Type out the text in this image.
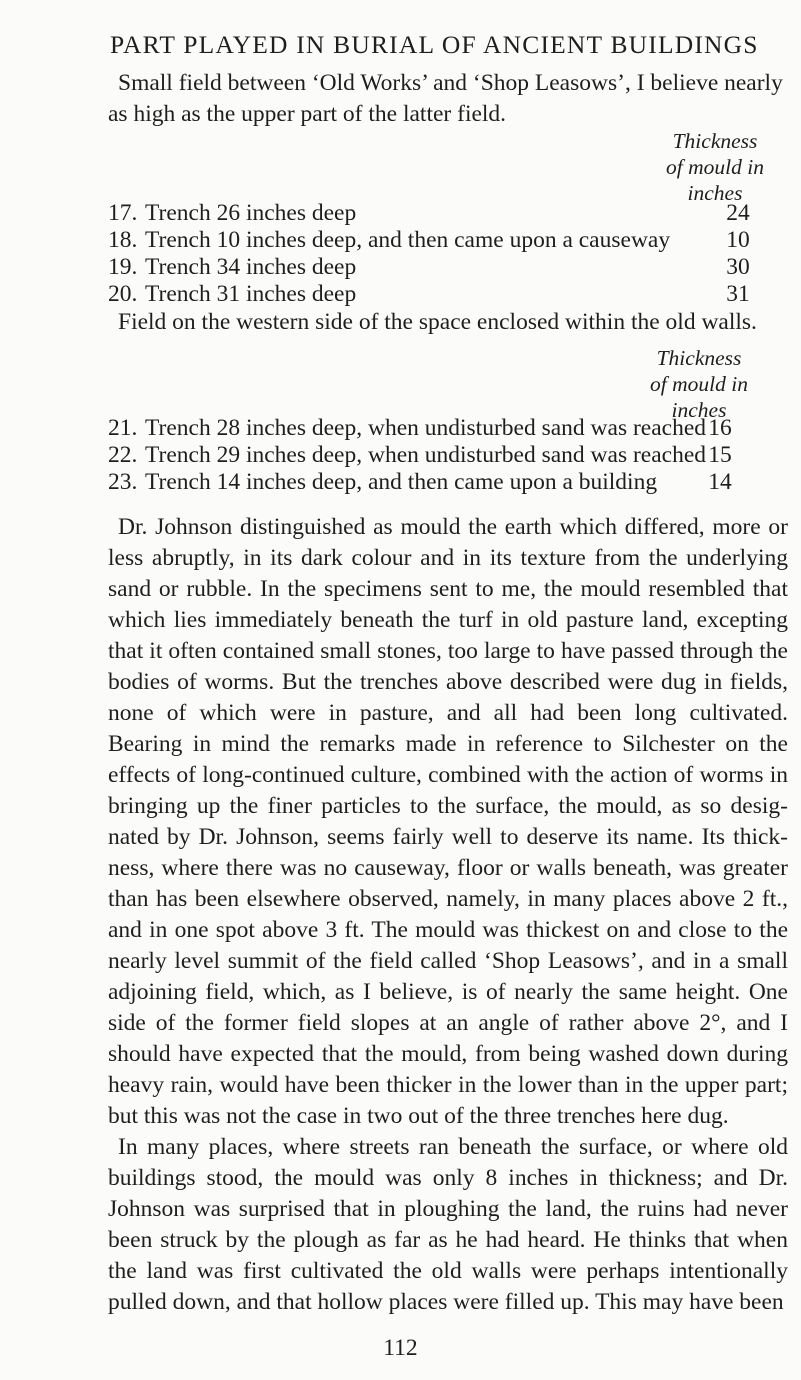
PART PLAYED IN BURIAL OF ANCIENT BUILDINGS
Small field between ‘Old Works’ and ‘Shop Leasows’, I believe nearly
as high as the upper part of the latter field.
Thickness
of mould in
inches
17. Trench 26 inches deep	24
18. Trench 10 inches deep, and then came upon a causeway	10
19. Trench 34 inches deep	30
20. Trench 31 inches deep	31
Field on the western side of the space enclosed within the old walls.
Thickness
of mould in
inches
21. Trench 28 inches deep, when undisturbed sand was reached 16
22. Trench 29 inches deep, when undisturbed sand was reached 15
23. Trench 14 inches deep, and then came upon a building	14

Dr. Johnson distinguished as mould the earth which differed, more or less abruptly, in its dark colour and in its texture from the underlying sand or rubble. In the specimens sent to me, the mould resembled that which lies immediately beneath the turf in old pasture land, excepting that it often contained small stones, too large to have passed through the bodies of worms. But the trenches above described were dug in fields, none of which were in pasture, and all had been long cultivated. Bearing in mind the remarks made in reference to Silchester on the effects of long-continued culture, combined with the action of worms in bringing up the finer particles to the surface, the mould, as so desig-nated by Dr. Johnson, seems fairly well to deserve its name. Its thick-ness, where there was no causeway, floor or walls beneath, was greater than has been elsewhere observed, namely, in many places above 2 ft., and in one spot above 3 ft. The mould was thickest on and close to the nearly level summit of the field called ‘Shop Leasows’, and in a small adjoining field, which, as I believe, is of nearly the same height. One side of the former field slopes at an angle of rather above 2°, and I should have expected that the mould, from being washed down during heavy rain, would have been thicker in the lower than in the upper part; but this was not the case in two out of the three trenches here dug.

In many places, where streets ran beneath the surface, or where old buildings stood, the mould was only 8 inches in thickness; and Dr. Johnson was surprised that in ploughing the land, the ruins had never been struck by the plough as far as he had heard. He thinks that when the land was first cultivated the old walls were perhaps intentionally pulled down, and that hollow places were filled up. This may have been

112
